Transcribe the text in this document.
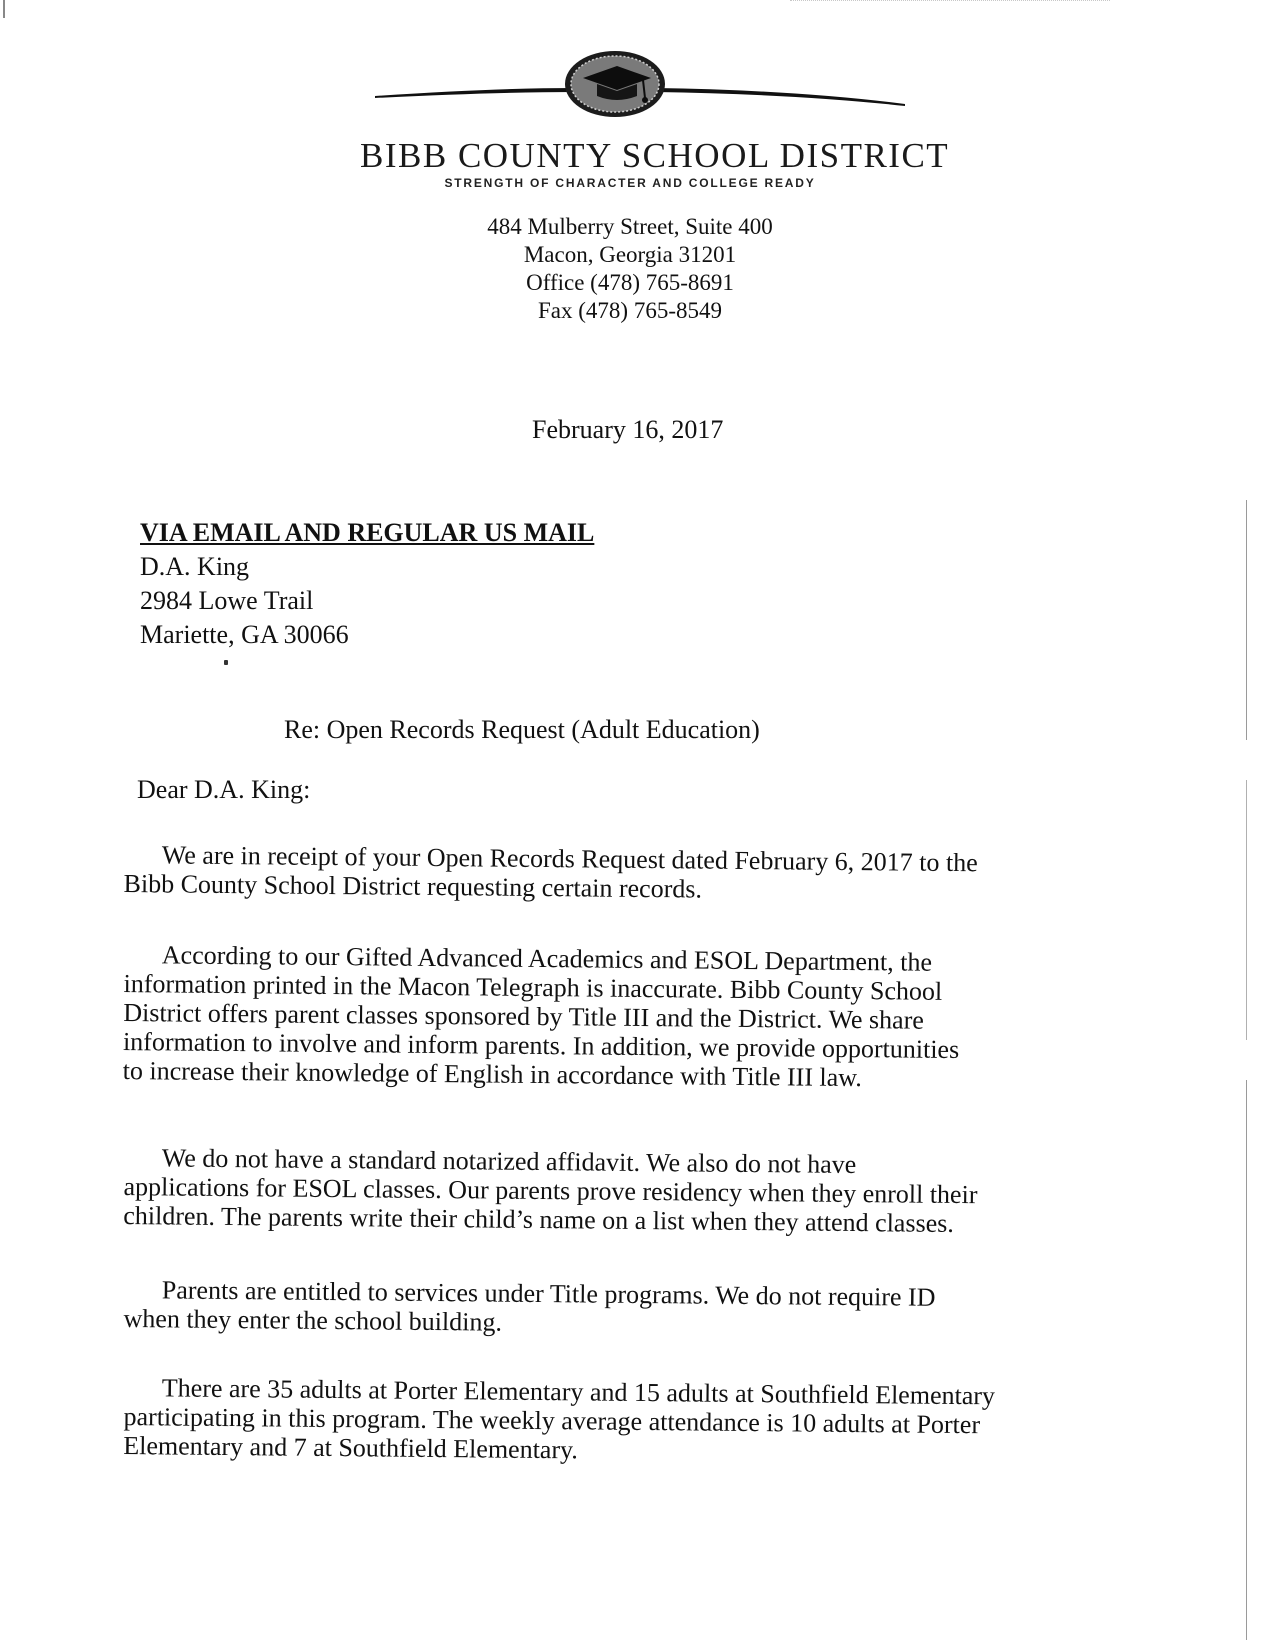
BIBB COUNTY SCHOOL DISTRICT
STRENGTH OF CHARACTER AND COLLEGE READY
484 Mulberry Street, Suite 400
Macon, Georgia 31201
Office (478) 765-8691
Fax (478) 765-8549
February 16, 2017
VIA EMAIL AND REGULAR US MAIL
D.A. King
2984 Lowe Trail
Mariette, GA 30066
Re: Open Records Request (Adult Education)
Dear D.A. King:
We are in receipt of your Open Records Request dated February 6, 2017 to the
Bibb County School District requesting certain records.
According to our Gifted Advanced Academics and ESOL Department, the
information printed in the Macon Telegraph is inaccurate. Bibb County School
District offers parent classes sponsored by Title III and the District. We share
information to involve and inform parents. In addition, we provide opportunities
to increase their knowledge of English in accordance with Title III law.
We do not have a standard notarized affidavit. We also do not have
applications for ESOL classes. Our parents prove residency when they enroll their
children. The parents write their child’s name on a list when they attend classes.
Parents are entitled to services under Title programs. We do not require ID
when they enter the school building.
There are 35 adults at Porter Elementary and 15 adults at Southfield Elementary
participating in this program. The weekly average attendance is 10 adults at Porter
Elementary and 7 at Southfield Elementary.
